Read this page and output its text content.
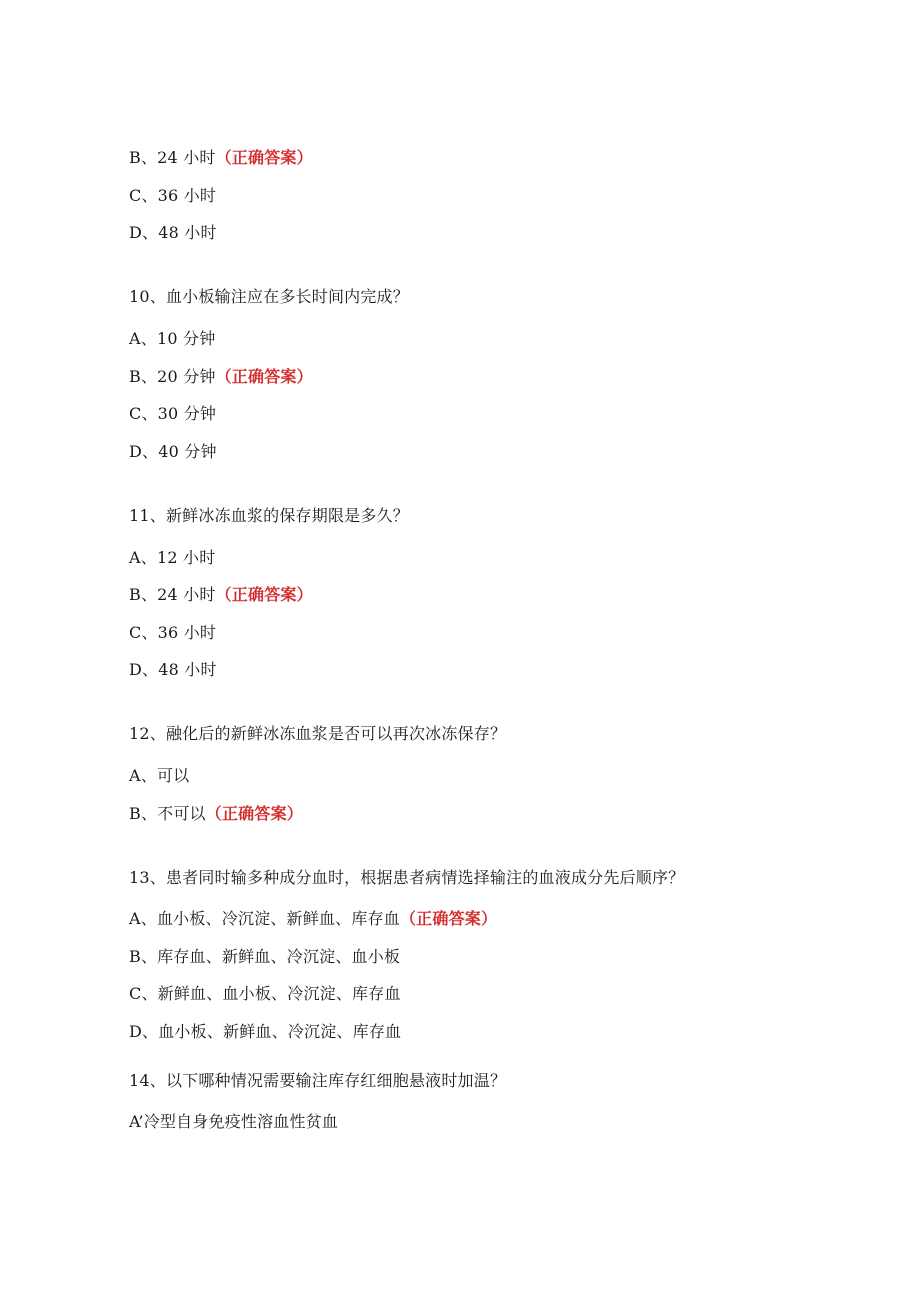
B、24 小时（正确答案）
C、36 小时
D、48 小时
10、血小板输注应在多长时间内完成？
A、10 分钟
B、20 分钟（正确答案）
C、30 分钟
D、40 分钟
11、新鲜冰冻血浆的保存期限是多久？
A、12 小时
B、24 小时（正确答案）
C、36 小时
D、48 小时
12、融化后的新鲜冰冻血浆是否可以再次冰冻保存？
A、可以
B、不可以（正确答案）
13、患者同时输多种成分血时，根据患者病情选择输注的血液成分先后顺序？
A、血小板、冷沉淀、新鲜血、库存血（正确答案）
B、库存血、新鲜血、冷沉淀、血小板
C、新鲜血、血小板、冷沉淀、库存血
D、血小板、新鲜血、冷沉淀、库存血
14、以下哪种情况需要输注库存红细胞悬液时加温？
A’冷型自身免疫性溶血性贫血
